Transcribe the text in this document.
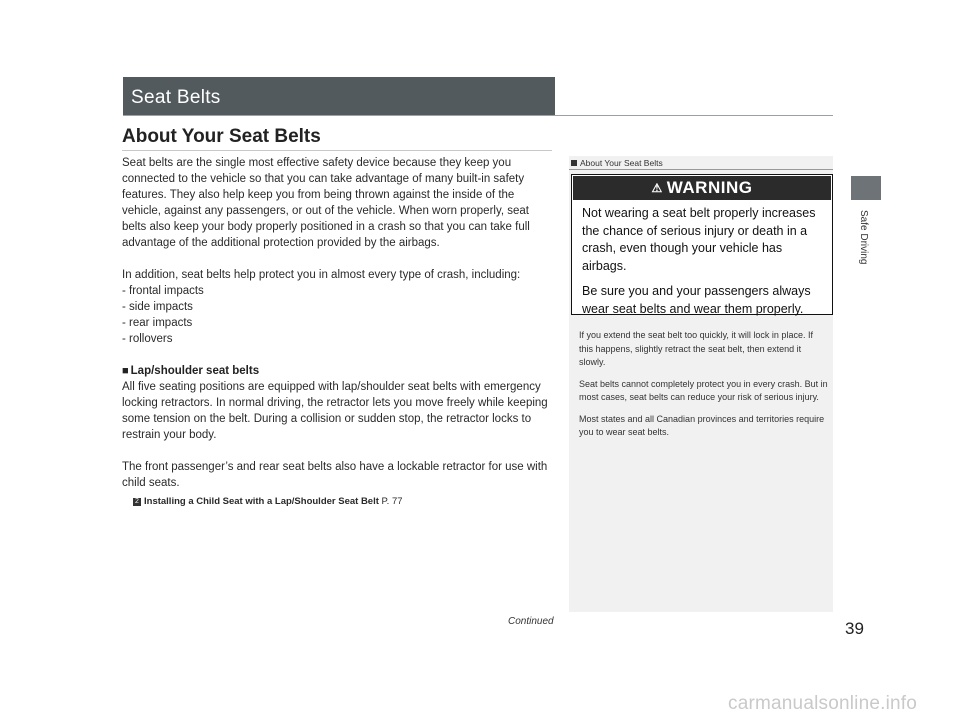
Seat Belts
About Your Seat Belts

Seat belts are the single most effective safety device because they keep you connected to the vehicle so that you can take advantage of many built-in safety features. They also help keep you from being thrown against the inside of the vehicle, against any passengers, or out of the vehicle. When worn properly, seat belts also keep your body properly positioned in a crash so that you can take full advantage of the additional protection provided by the airbags.

In addition, seat belts help protect you in almost every type of crash, including:

- frontal impacts
- side impacts
- rear impacts
- rollovers

■ Lap/shoulder seat belts

All five seating positions are equipped with lap/shoulder seat belts with emergency locking retractors. In normal driving, the retractor lets you move freely while keeping some tension on the belt. During a collision or sudden stop, the retractor locks to restrain your body.

The front passenger’s and rear seat belts also have a lockable retractor for use with child seats.

2 Installing a Child Seat with a Lap/Shoulder Seat Belt P. 77
About Your Seat Belts
⚠ WARNING

Not wearing a seat belt properly increases the chance of serious injury or death in a crash, even though your vehicle has airbags.

Be sure you and your passengers always wear seat belts and wear them properly.

If you extend the seat belt too quickly, it will lock in place. If this happens, slightly retract the seat belt, then extend it slowly.

Seat belts cannot completely protect you in every crash. But in most cases, seat belts can reduce your risk of serious injury.

Most states and all Canadian provinces and territories require you to wear seat belts.

Safe Driving
Continued	39
carmanualsonline.info
